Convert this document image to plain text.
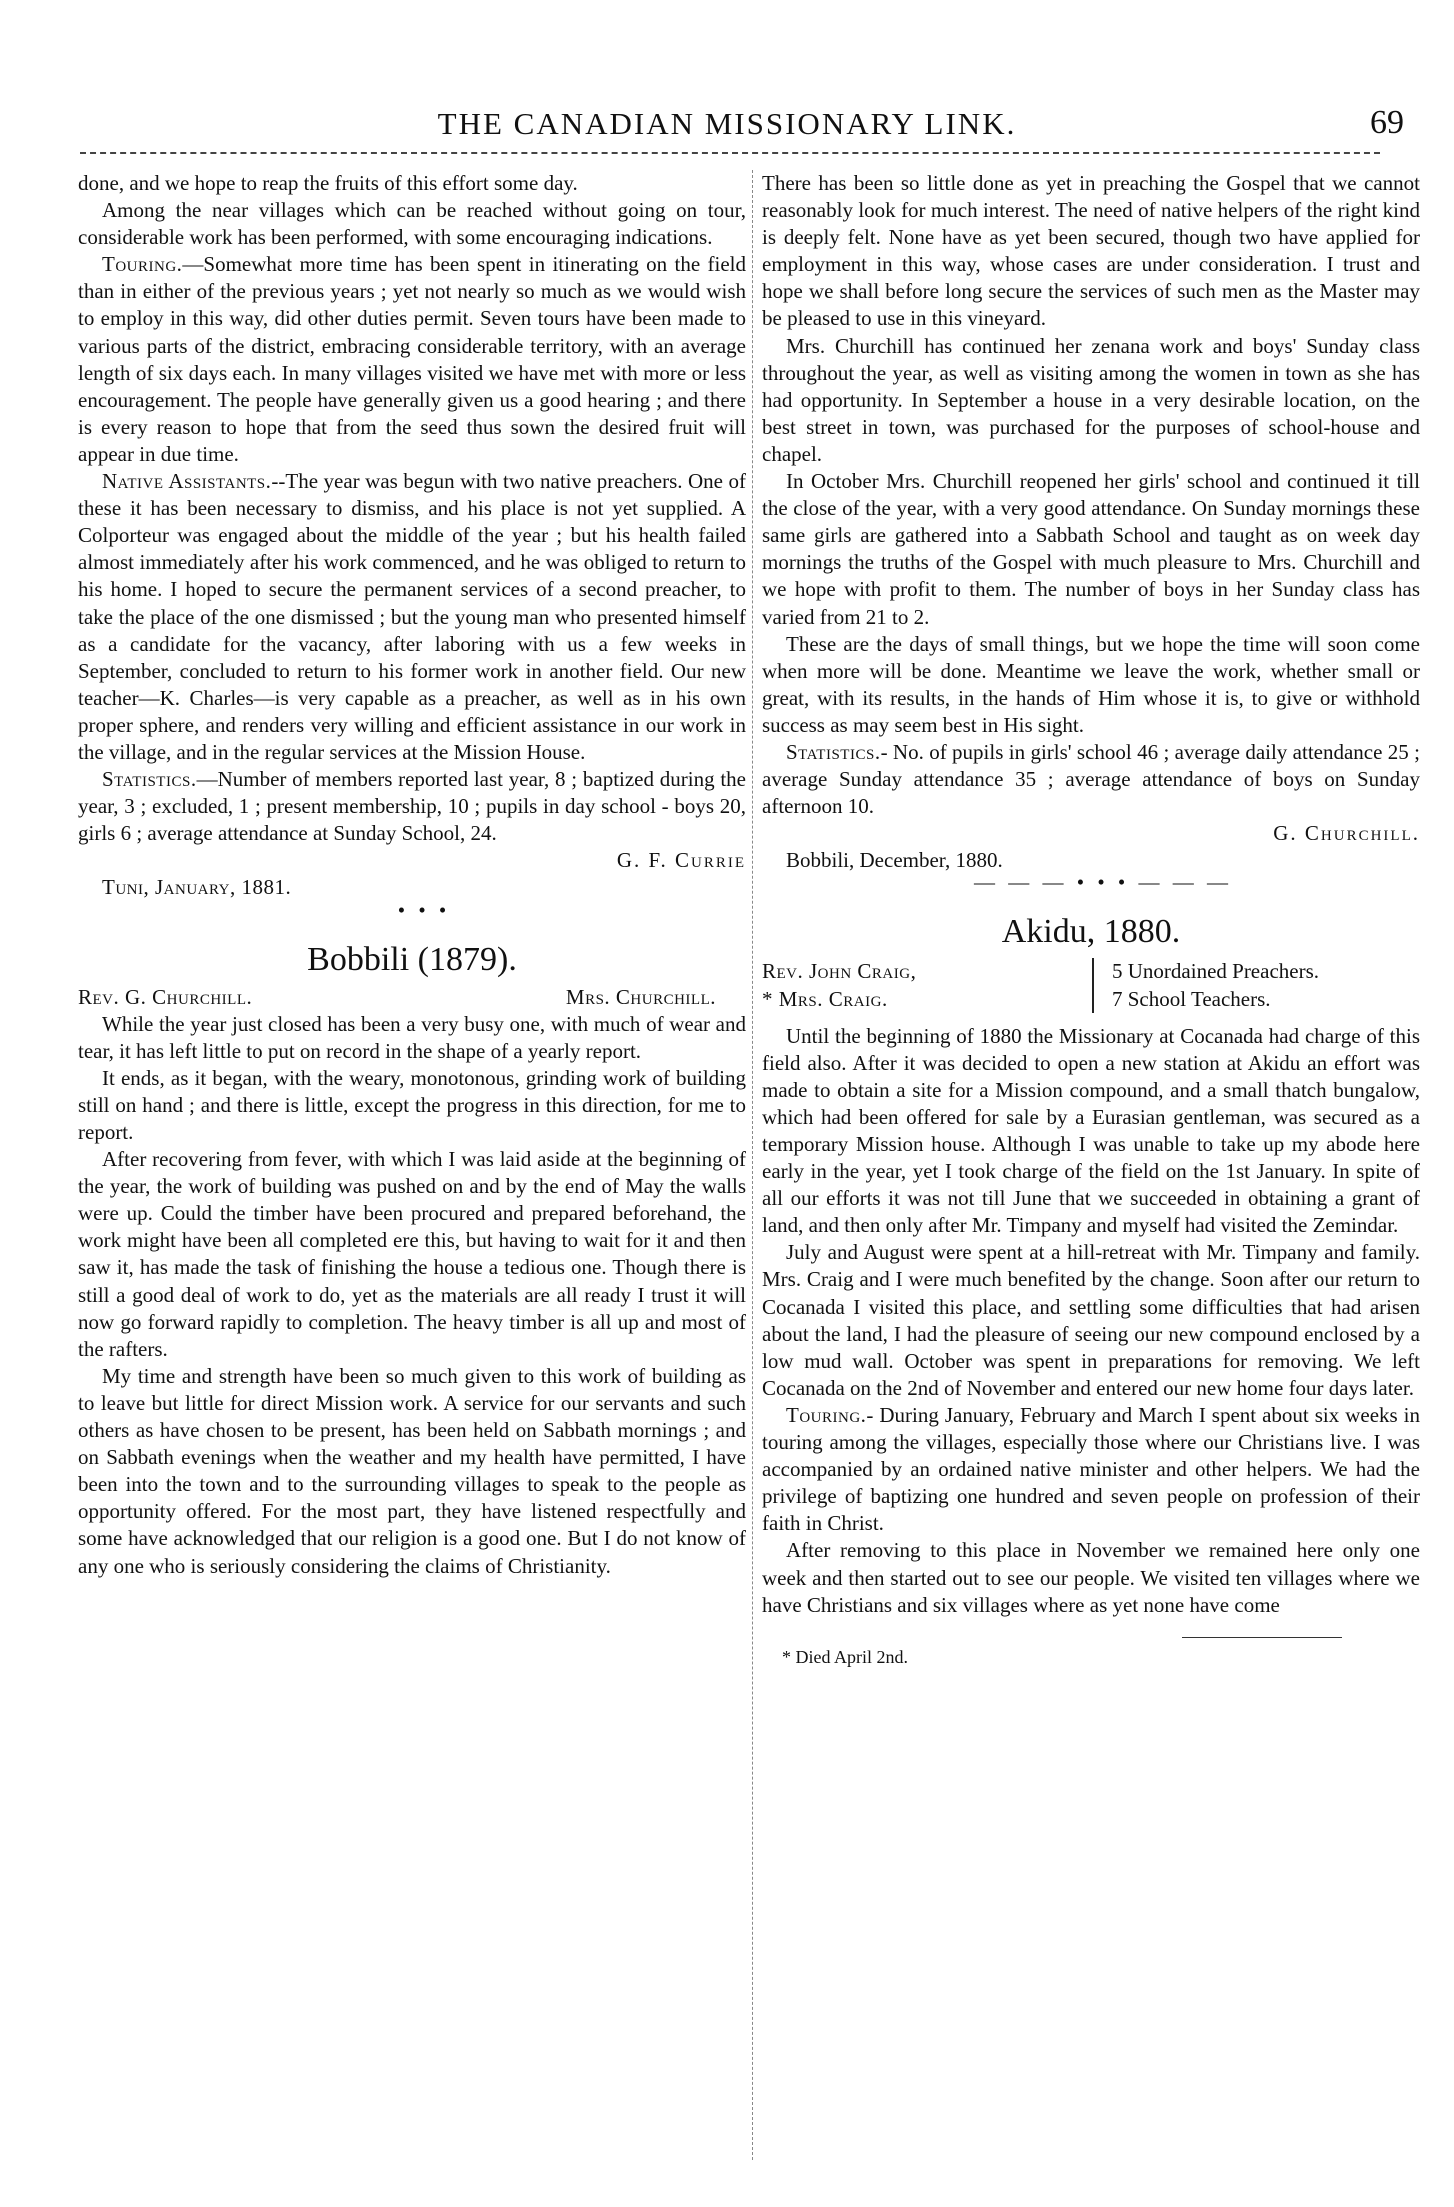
THE CANADIAN MISSIONARY LINK.	69

done, and we hope to reap the fruits of this effort some day.

Among the near villages which can be reached without going on tour, considerable work has been performed, with some encouraging indications.

Touring.—Somewhat more time has been spent in itinerating on the field than in either of the previous years ; yet not nearly so much as we would wish to employ in this way, did other duties permit. Seven tours have been made to various parts of the district, embracing considerable territory, with an average length of six days each. In many villages visited we have met with more or less encouragement. The people have generally given us a good hearing ; and there is every reason to hope that from the seed thus sown the desired fruit will appear in due time.

Native Assistants.--The year was begun with two native preachers. One of these it has been necessary to dismiss, and his place is not yet supplied. A Colporteur was engaged about the middle of the year ; but his health failed almost immediately after his work commenced, and he was obliged to return to his home. I hoped to secure the permanent services of a second preacher, to take the place of the one dismissed ; but the young man who presented himself as a candidate for the vacancy, after laboring with us a few weeks in September, concluded to return to his former work in another field. Our new teacher—K. Charles—is very capable as a preacher, as well as in his own proper sphere, and renders very willing and efficient assistance in our work in the village, and in the regular services at the Mission House.

Statistics.—Number of members reported last year, 8 ; baptized during the year, 3 ; excluded, 1 ; present membership, 10 ; pupils in day school - boys 20, girls 6 ; average attendance at Sunday School, 24.

G. F. Currie

Tuni, January, 1881.

• • •

Bobbili (1879).
Rev. G. Churchill.	Mrs. Churchill.

While the year just closed has been a very busy one, with much of wear and tear, it has left little to put on record in the shape of a yearly report.

It ends, as it began, with the weary, monotonous, grinding work of building still on hand ; and there is little, except the progress in this direction, for me to report.

After recovering from fever, with which I was laid aside at the beginning of the year, the work of building was pushed on and by the end of May the walls were up. Could the timber have been procured and prepared beforehand, the work might have been all completed ere this, but having to wait for it and then saw it, has made the task of finishing the house a tedious one. Though there is still a good deal of work to do, yet as the materials are all ready I trust it will now go forward rapidly to completion. The heavy timber is all up and most of the rafters.

My time and strength have been so much given to this work of building as to leave but little for direct Mission work. A service for our servants and such others as have chosen to be present, has been held on Sabbath mornings ; and on Sabbath evenings when the weather and my health have permitted, I have been into the town and to the surrounding villages to speak to the people as opportunity offered. For the most part, they have listened respectfully and some have acknowledged that our religion is a good one. But I do not know of any one who is seriously considering the claims of Christianity.

There has been so little done as yet in preaching the Gospel that we cannot reasonably look for much interest. The need of native helpers of the right kind is deeply felt. None have as yet been secured, though two have applied for employment in this way, whose cases are under consideration. I trust and hope we shall before long secure the services of such men as the Master may be pleased to use in this vineyard.

Mrs. Churchill has continued her zenana work and boys' Sunday class throughout the year, as well as visiting among the women in town as she has had opportunity. In September a house in a very desirable location, on the best street in town, was purchased for the purposes of school-house and chapel.

In October Mrs. Churchill reopened her girls' school and continued it till the close of the year, with a very good attendance. On Sunday mornings these same girls are gathered into a Sabbath School and taught as on week day mornings the truths of the Gospel with much pleasure to Mrs. Churchill and we hope with profit to them. The number of boys in her Sunday class has varied from 21 to 2.

These are the days of small things, but we hope the time will soon come when more will be done. Meantime we leave the work, whether small or great, with its results, in the hands of Him whose it is, to give or withhold success as may seem best in His sight.

Statistics.- No. of pupils in girls' school 46 ; average daily attendance 25 ; average Sunday attendance 35 ; average attendance of boys on Sunday afternoon 10.

G. Churchill.

Bobbili, December, 1880.

— — — • • • — — —

Akidu, 1880.
Rev. John Craig,
* Mrs. Craig.
5 Unordained Preachers.
7 School Teachers.

Until the beginning of 1880 the Missionary at Cocanada had charge of this field also. After it was decided to open a new station at Akidu an effort was made to obtain a site for a Mission compound, and a small thatch bungalow, which had been offered for sale by a Eurasian gentleman, was secured as a temporary Mission house. Although I was unable to take up my abode here early in the year, yet I took charge of the field on the 1st January. In spite of all our efforts it was not till June that we succeeded in obtaining a grant of land, and then only after Mr. Timpany and myself had visited the Zemindar.

July and August were spent at a hill-retreat with Mr. Timpany and family. Mrs. Craig and I were much benefited by the change. Soon after our return to Cocanada I visited this place, and settling some difficulties that had arisen about the land, I had the pleasure of seeing our new compound enclosed by a low mud wall. October was spent in preparations for removing. We left Cocanada on the 2nd of November and entered our new home four days later.

Touring.- During January, February and March I spent about six weeks in touring among the villages, especially those where our Christians live. I was accompanied by an ordained native minister and other helpers. We had the privilege of baptizing one hundred and seven people on profession of their faith in Christ.

After removing to this place in November we remained here only one week and then started out to see our people. We visited ten villages where we have Christians and six villages where as yet none have come

* Died April 2nd.
